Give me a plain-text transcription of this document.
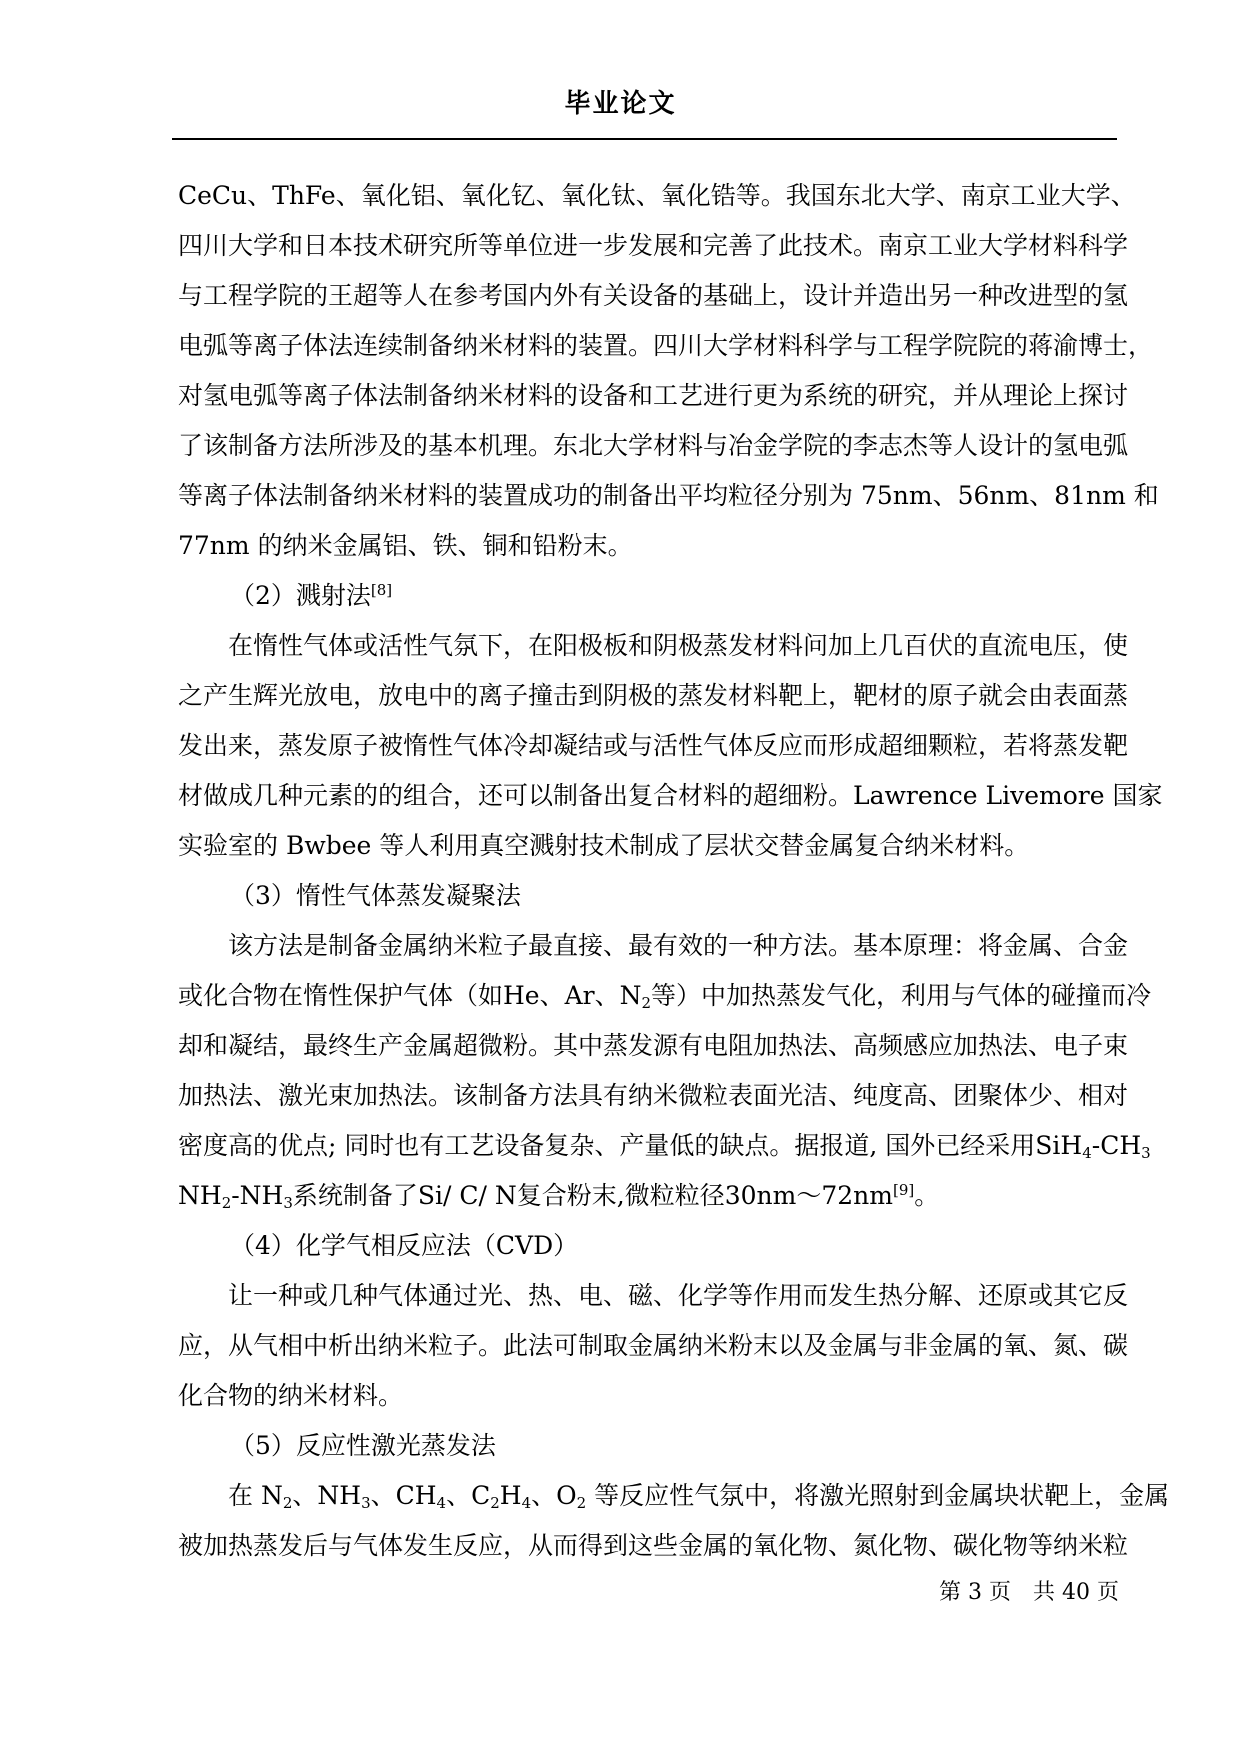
毕业论文
CeCu、ThFe、氧化铝、氧化钇、氧化钛、氧化锆等。我国东北大学、南京工业大学、
四川大学和日本技术研究所等单位进一步发展和完善了此技术。南京工业大学材料科学
与工程学院的王超等人在参考国内外有关设备的基础上，设计并造出另一种改进型的氢
电弧等离子体法连续制备纳米材料的装置。四川大学材料科学与工程学院院的蒋渝博士，
对氢电弧等离子体法制备纳米材料的设备和工艺进行更为系统的研究，并从理论上探讨
了该制备方法所涉及的基本机理。东北大学材料与冶金学院的李志杰等人设计的氢电弧
等离子体法制备纳米材料的装置成功的制备出平均粒径分别为 75nm、56nm、81nm 和
77nm 的纳米金属铝、铁、铜和铅粉末。
（2）溅射法[8]
在惰性气体或活性气氛下，在阳极板和阴极蒸发材料问加上几百伏的直流电压，使
之产生辉光放电，放电中的离子撞击到阴极的蒸发材料靶上，靶材的原子就会由表面蒸
发出来，蒸发原子被惰性气体冷却凝结或与活性气体反应而形成超细颗粒，若将蒸发靶
材做成几种元素的的组合，还可以制备出复合材料的超细粉。Lawrence Livemore 国家
实验室的 Bwbee 等人利用真空溅射技术制成了层状交替金属复合纳米材料。
（3）惰性气体蒸发凝聚法
该方法是制备金属纳米粒子最直接、最有效的一种方法。基本原理：将金属、合金
或化合物在惰性保护气体（如He、Ar、$N_2$等）中加热蒸发气化，利用与气体的碰撞而冷
却和凝结，最终生产金属超微粉。其中蒸发源有电阻加热法、高频感应加热法、电子束
加热法、激光束加热法。该制备方法具有纳米微粒表面光洁、纯度高、团聚体少、相对
密度高的优点; 同时也有工艺设备复杂、产量低的缺点。据报道, 国外已经采用$SiH_4-CH_3$
$NH_2-NH_3$系统制备了Si/ C/ N复合粉末,微粒粒径30nm～72nm[9]。
（4）化学气相反应法（CVD）
让一种或几种气体通过光、热、电、磁、化学等作用而发生热分解、还原或其它反
应，从气相中析出纳米粒子。此法可制取金属纳米粉末以及金属与非金属的氧、氮、碳
化合物的纳米材料。
（5）反应性激光蒸发法
在 $N_2$、$NH_3$、$CH_4$、$C_2H_4$、$O_2$ 等反应性气氛中，将激光照射到金属块状靶上，金属
被加热蒸发后与气体发生反应，从而得到这些金属的氧化物、氮化物、碳化物等纳米粒
第 3 页　共 40 页
